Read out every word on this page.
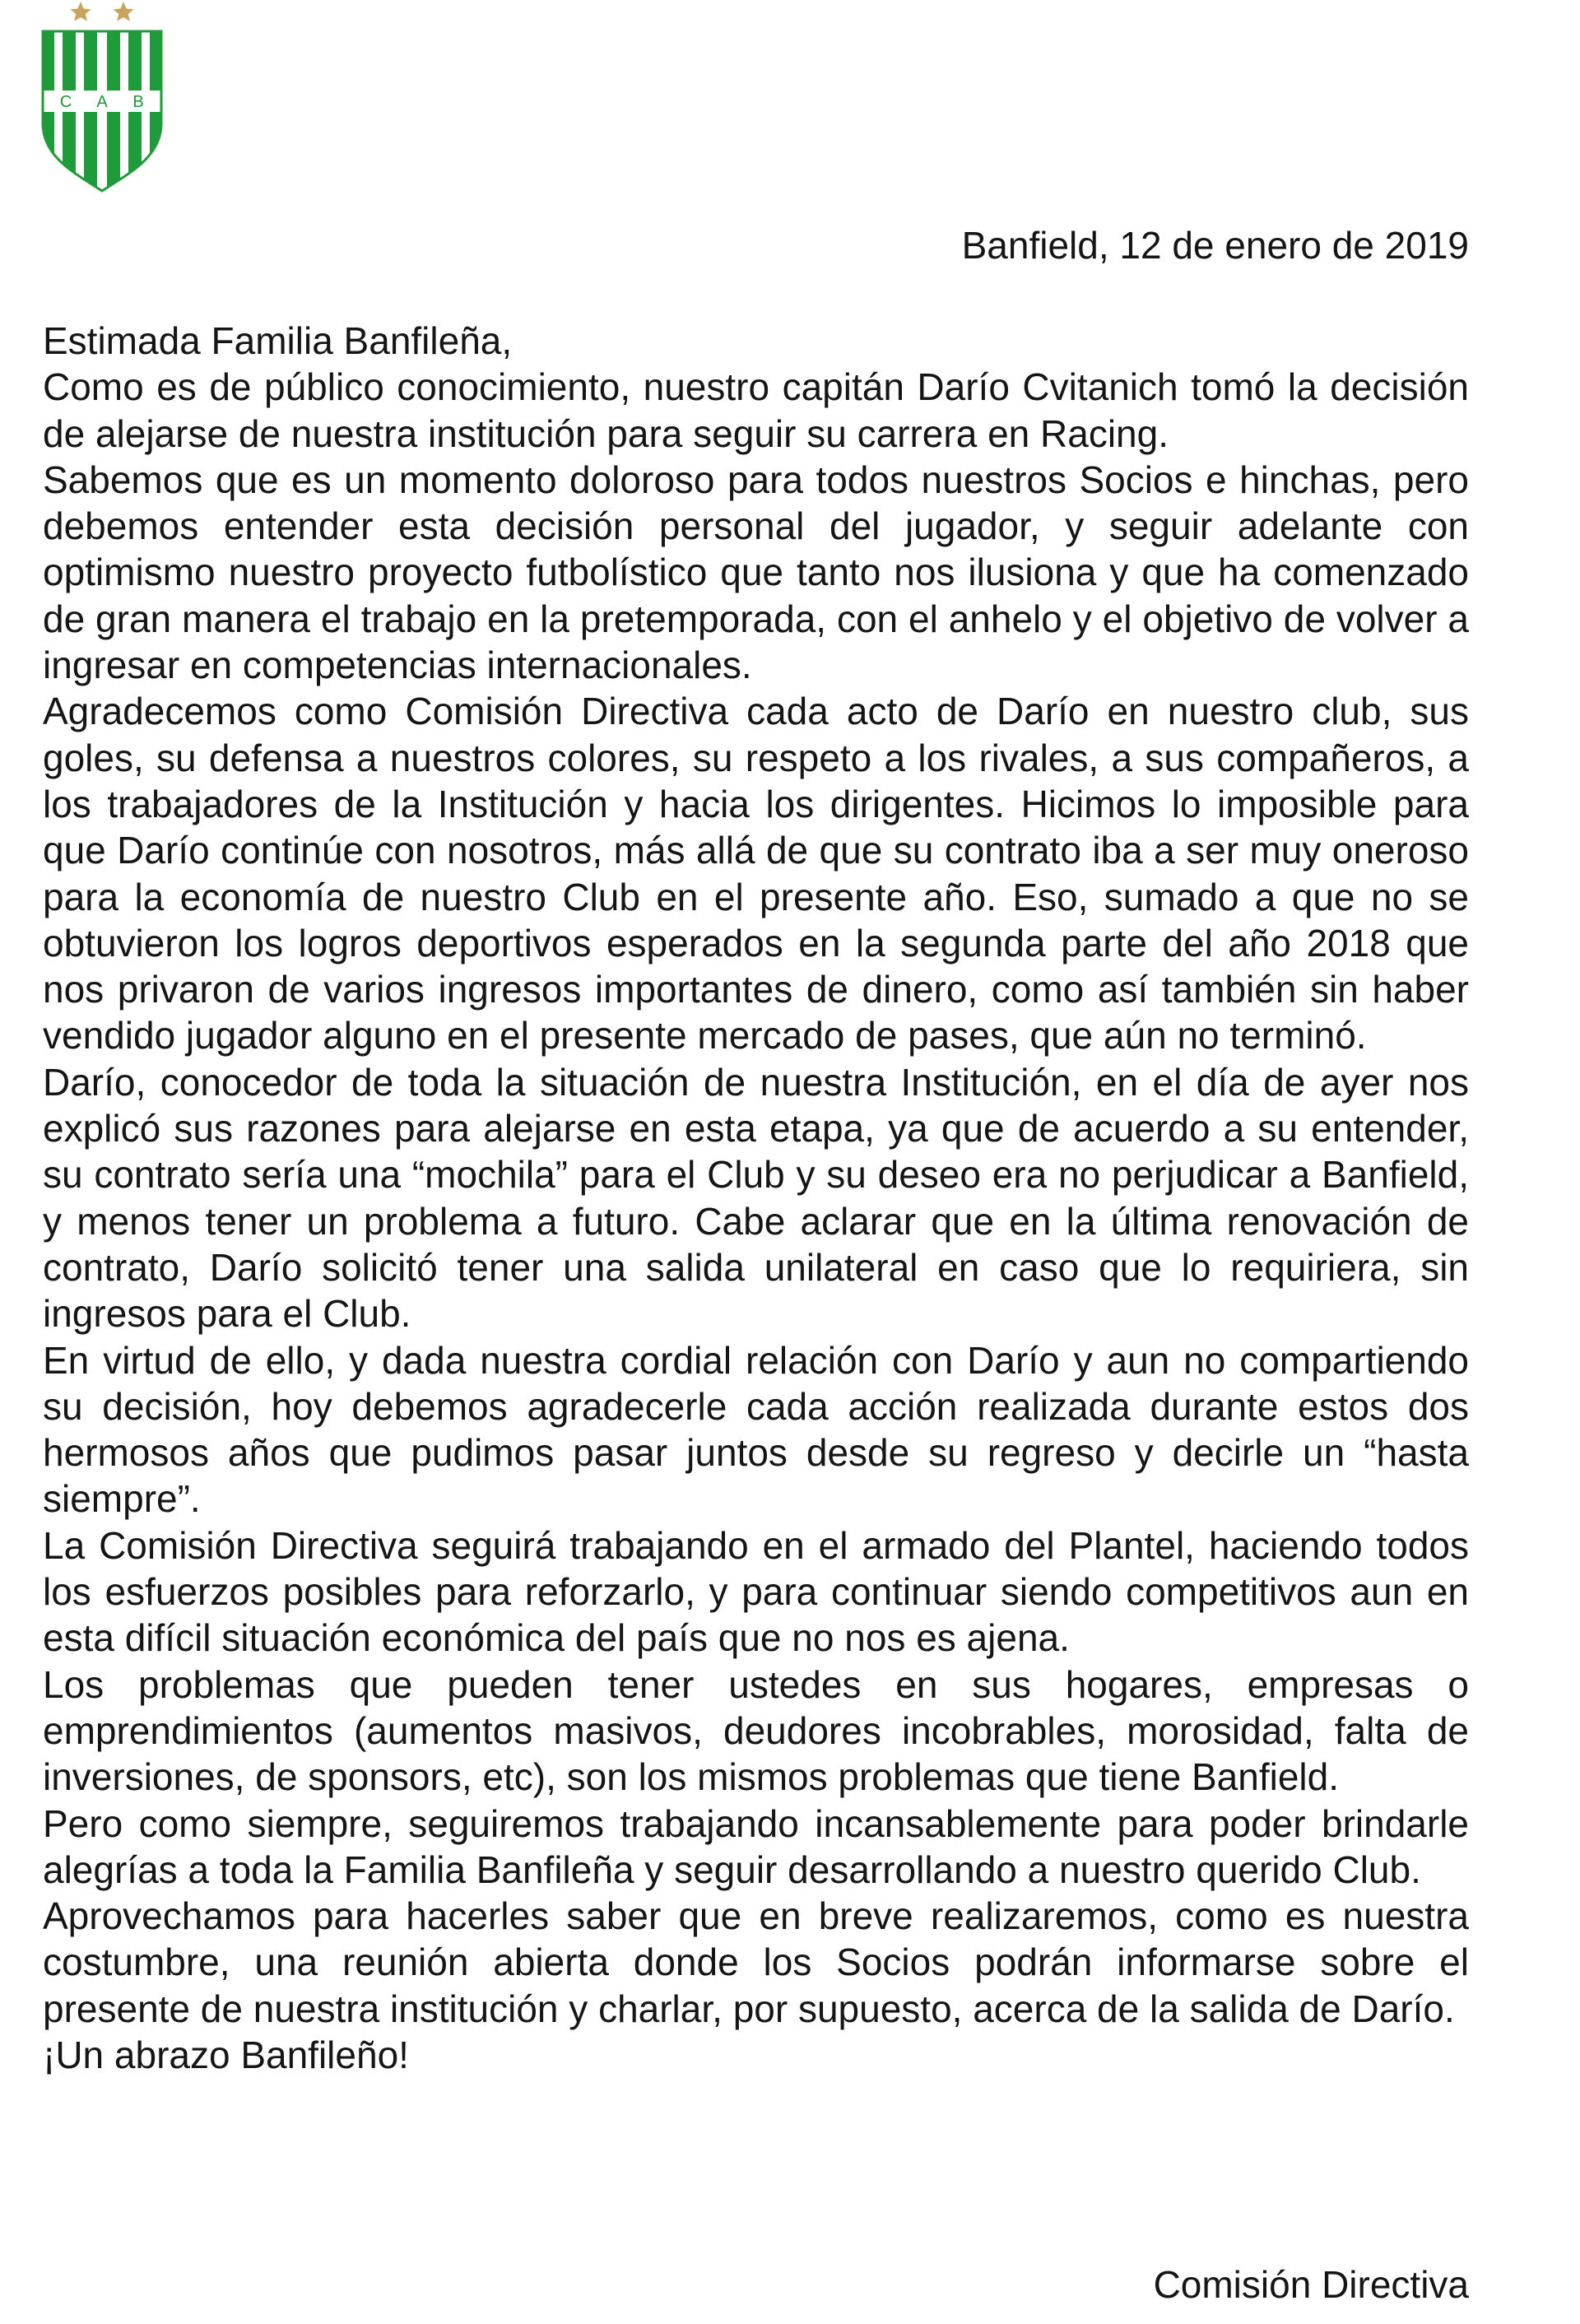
C A B
Banfield, 12 de enero de 2019

Estimada Familia Banfileña,

Como es de público conocimiento, nuestro capitán Darío Cvitanich tomó la decisión de alejarse de nuestra institución para seguir su carrera en Racing.

Sabemos que es un momento doloroso para todos nuestros Socios e hinchas, pero debemos entender esta decisión personal del jugador, y seguir adelante con optimismo nuestro proyecto futbolístico que tanto nos ilusiona y que ha comenzado de gran manera el trabajo en la pretemporada, con el anhelo y el objetivo de volver a ingresar en competencias internacionales.

Agradecemos como Comisión Directiva cada acto de Darío en nuestro club, sus goles, su defensa a nuestros colores, su respeto a los rivales, a sus compañeros, a los trabajadores de la Institución y hacia los dirigentes. Hicimos lo imposible para que Darío continúe con nosotros, más allá de que su contrato iba a ser muy oneroso para la economía de nuestro Club en el presente año. Eso, sumado a que no se obtuvieron los logros deportivos esperados en la segunda parte del año 2018 que nos privaron de varios ingresos importantes de dinero, como así también sin haber vendido jugador alguno en el presente mercado de pases, que aún no terminó.

Darío, conocedor de toda la situación de nuestra Institución, en el día de ayer nos explicó sus razones para alejarse en esta etapa, ya que de acuerdo a su entender, su contrato sería una “mochila” para el Club y su deseo era no perjudicar a Banfield, y menos tener un problema a futuro. Cabe aclarar que en la última renovación de contrato, Darío solicitó tener una salida unilateral en caso que lo requiriera, sin ingresos para el Club.

En virtud de ello, y dada nuestra cordial relación con Darío y aun no compartiendo su decisión, hoy debemos agradecerle cada acción realizada durante estos dos hermosos años que pudimos pasar juntos desde su regreso y decirle un “hasta siempre”.

La Comisión Directiva seguirá trabajando en el armado del Plantel, haciendo todos los esfuerzos posibles para reforzarlo, y para continuar siendo competitivos aun en esta difícil situación económica del país que no nos es ajena.

Los problemas que pueden tener ustedes en sus hogares, empresas o emprendimientos (aumentos masivos, deudores incobrables, morosidad, falta de inversiones, de sponsors, etc), son los mismos problemas que tiene Banfield.

Pero como siempre, seguiremos trabajando incansablemente para poder brindarle alegrías a toda la Familia Banfileña y seguir desarrollando a nuestro querido Club.

Aprovechamos para hacerles saber que en breve realizaremos, como es nuestra costumbre, una reunión abierta donde los Socios podrán informarse sobre el presente de nuestra institución y charlar, por supuesto, acerca de la salida de Darío.

¡Un abrazo Banfileño!

Comisión Directiva
